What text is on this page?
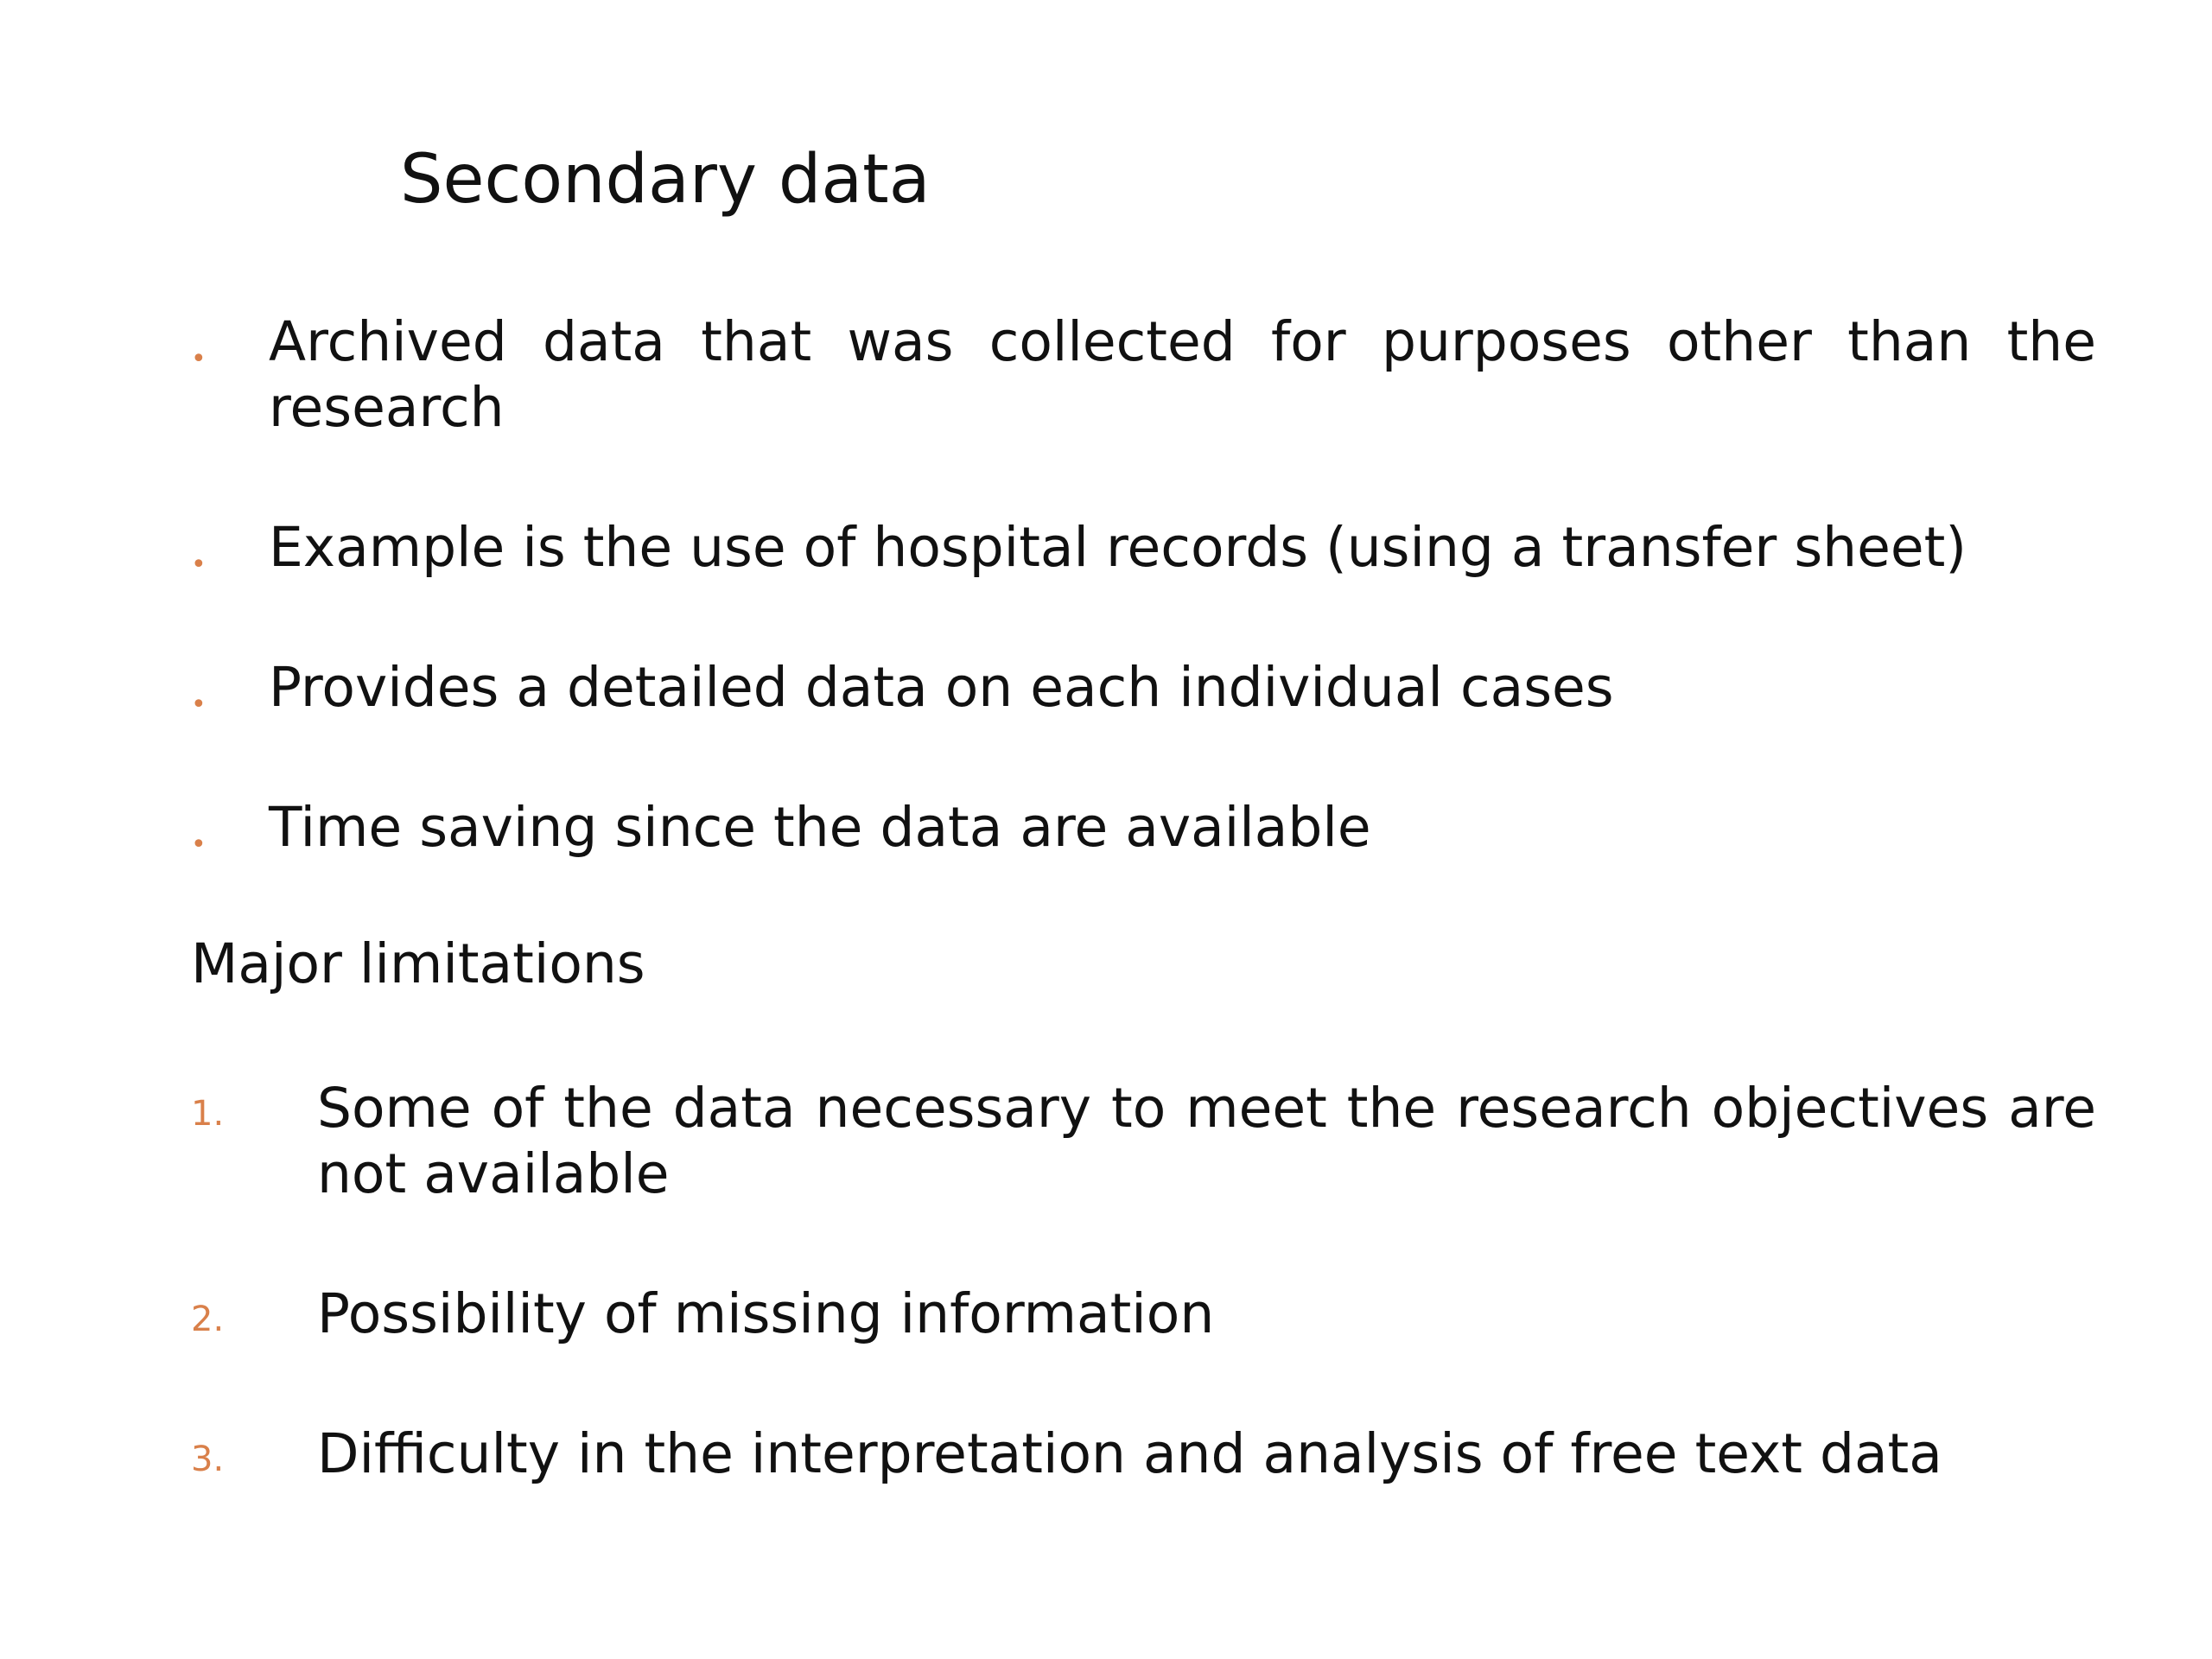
Secondary data
• Archived data that was collected for purposes other than the research
• Example is the use of hospital records (using a transfer sheet)
• Provides a detailed data on each individual cases
• Time saving since the data are available
Major limitations
1. Some of the data necessary to meet the research objectives are not available
2. Possibility of missing information
3. Difficulty in the interpretation and analysis of free text data
